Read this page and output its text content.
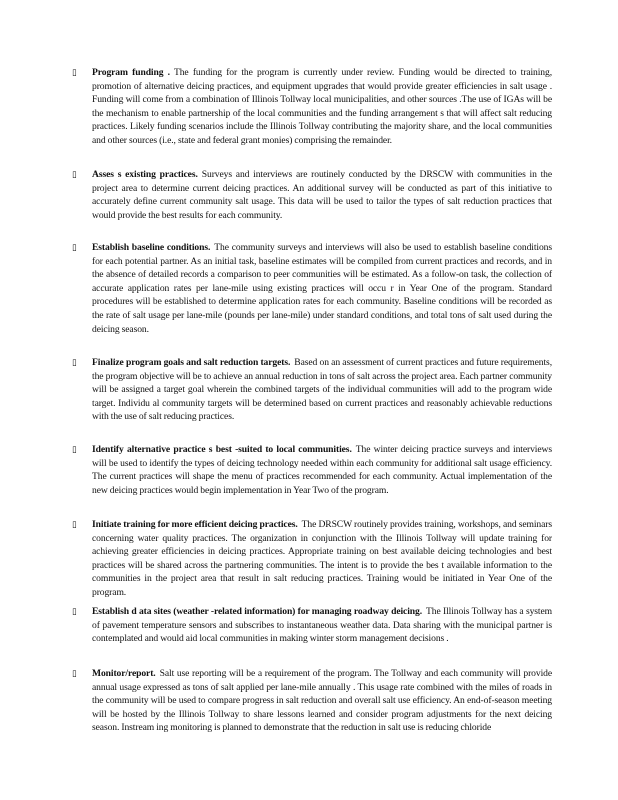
▯ Program funding . The funding for the program is currently under review. Funding would be directed to training, promotion of alternative deicing practices, and equipment upgrades that would provide greater efficiencies in salt usage . Funding will come from a combination of Illinois Tollway local municipalities, and other sources .The use of IGAs will be the mechanism to enable partnership of the local communities and the funding arrangement s that will affect salt reducing practices. Likely funding scenarios include the Illinois Tollway contributing the majority share, and the local communities and other sources (i.e., state and federal grant monies) comprising the remainder.
▯ Asses s existing practices. Surveys and interviews are routinely conducted by the DRSCW with communities in the project area to determine current deicing practices. An additional survey will be conducted as part of this initiative to accurately define current community salt usage. This data will be used to tailor the types of salt reduction practices that would provide the best results for each community.
▯ Establish baseline conditions. The community surveys and interviews will also be used to establish baseline conditions for each potential partner. As an initial task, baseline estimates will be compiled from current practices and records, and in the absence of detailed records a comparison to peer communities will be estimated. As a follow-on task, the collection of accurate application rates per lane-mile using existing practices will occu r in Year One of the program. Standard procedures will be established to determine application rates for each community. Baseline conditions will be recorded as the rate of salt usage per lane-mile (pounds per lane-mile) under standard conditions, and total tons of salt used during the deicing season.
▯ Finalize program goals and salt reduction targets. Based on an assessment of current practices and future requirements, the program objective will be to achieve an annual reduction in tons of salt across the project area. Each partner community will be assigned a target goal wherein the combined targets of the individual communities will add to the program wide target. Individu al community targets will be determined based on current practices and reasonably achievable reductions with the use of salt reducing practices.
▯ Identify alternative practice s best -suited to local communities. The winter deicing practice surveys and interviews will be used to identify the types of deicing technology needed within each community for additional salt usage efficiency. The current practices will shape the menu of practices recommended for each community. Actual implementation of the new deicing practices would begin implementation in Year Two of the program.
▯ Initiate training for more efficient deicing practices. The DRSCW routinely provides training, workshops, and seminars concerning water quality practices. The organization in conjunction with the Illinois Tollway will update training for achieving greater efficiencies in deicing practices. Appropriate training on best available deicing technologies and best practices will be shared across the partnering communities. The intent is to provide the bes t available information to the communities in the project area that result in salt reducing practices. Training would be initiated in Year One of the program.
▯ Establish d ata sites (weather -related information) for managing roadway deicing. The Illinois Tollway has a system of pavement temperature sensors and subscribes to instantaneous weather data. Data sharing with the municipal partner is contemplated and would aid local communities in making winter storm management decisions .
▯ Monitor/report. Salt use reporting will be a requirement of the program. The Tollway and each community will provide annual usage expressed as tons of salt applied per lane-mile annually . This usage rate combined with the miles of roads in the community will be used to compare progress in salt reduction and overall salt use efficiency. An end-of-season meeting will be hosted by the Illinois Tollway to share lessons learned and consider program adjustments for the next deicing season. Instream ing monitoring is planned to demonstrate that the reduction in salt use is reducing chloride
